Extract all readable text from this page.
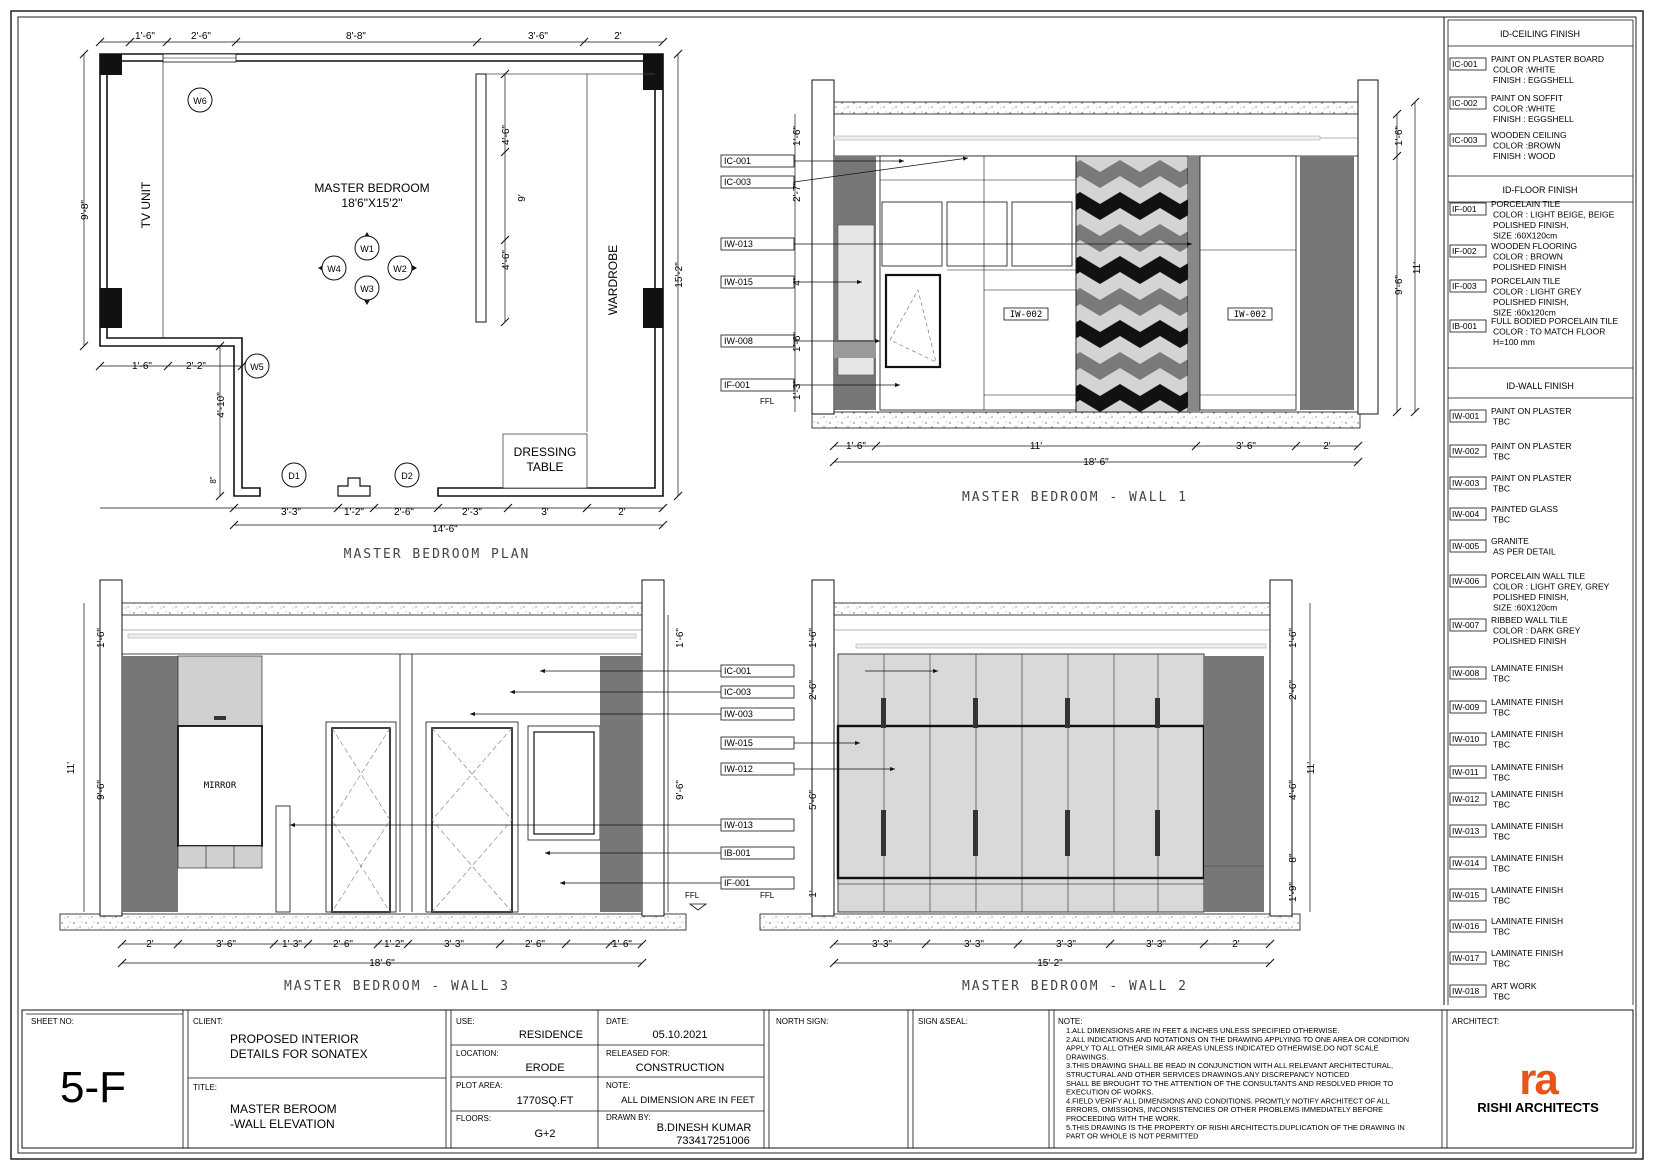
W6
W5
D1	D2
W1
W2
W3
W4
MASTER BEDROOM
18'6"X15'2"
TV UNIT
WARDROBE
DRESSING
TABLE
1'-6"	2'-6"	8'-8"	3'-6"	2'
3'-3"	1'-2"	2'-6"	2'-3"	3'	2'
14'-6"
1'-6"	2'-2"
9'-8"
4'-10"
15'-2"
4'-6"
9'
4'-6"
8"
MASTER BEDROOM PLAN
IW-002	IW-002
IC-001
IC-003
IW-013
IW-015
IW-008
IF-001
FFL
1'-6"	11'	3'-6"	2'
18'-6"
1'-6"
2'-7"
4'
1'-6"
1'-3"
1'-6"
9'-6"
11'
MASTER BEDROOM - WALL 1
MIRROR
FFL
2'	3'-6"	1'-3"	2'-6"	1'-2"	3'-3"	2'-6"	1'-6"
18'-6"
1'-6"
9'-6"
11'
1'-6"
9'-6"
MASTER BEDROOM - WALL 3
FFL
IC-001
IC-003
IW-003
IW-015
IW-012
IW-013
IB-001
IF-001
3'-3"	3'-3"	3'-3"	3'-3"	2'
15'-2"
1'-6"
2'-6"
5'-6"
1'
1'-6"
2'-6"
4'-6"
8"
1'-9"
11'
MASTER BEDROOM - WALL 2
ID-CEILING FINISH
ID-FLOOR FINISH
ID-WALL FINISH
IC-001 PAINT ON PLASTER BOARD
COLOR :WHITE
FINISH : EGGSHELL
IC-002 PAINT ON SOFFIT
COLOR :WHITE
FINISH : EGGSHELL
IC-003 WOODEN CEILING
COLOR :BROWN
FINISH : WOOD
IF-001 PORCELAIN TILE
COLOR : LIGHT BEIGE, BEIGE
POLISHED FINISH,
SIZE :60X120cm
IF-002 WOODEN FLOORING
COLOR : BROWN
POLISHED FINISH
IF-003 PORCELAIN TILE
COLOR : LIGHT GREY
POLISHED FINISH,
SIZE :60x120cm
IB-001 FULL BODIED PORCELAIN TILE
COLOR : TO MATCH FLOOR
H=100 mm
IW-001 PAINT ON PLASTER
TBC
IW-002 PAINT ON PLASTER
TBC
IW-003 PAINT ON PLASTER
TBC
IW-004 PAINTED GLASS
TBC
IW-005 GRANITE
AS PER DETAIL
IW-006 PORCELAIN WALL TILE
COLOR : LIGHT GREY, GREY
POLISHED FINISH,
SIZE :60X120cm
IW-007 RIBBED WALL TILE
COLOR : DARK GREY
POLISHED FINISH
IW-008 LAMINATE FINISH
TBC
IW-009 LAMINATE FINISH
TBC
IW-010 LAMINATE FINISH
TBC
IW-011 LAMINATE FINISH
TBC
IW-012 LAMINATE FINISH
TBC
IW-013 LAMINATE FINISH
TBC
IW-014 LAMINATE FINISH
TBC
IW-015 LAMINATE FINISH
TBC
IW-016 LAMINATE FINISH
TBC
IW-017 LAMINATE FINISH
TBC
IW-018 ART WORK
TBC
SHEET NO:
5-F
CLIENT:
PROPOSED INTERIOR
DETAILS FOR SONATEX
TITLE:
MASTER BEROOM
-WALL ELEVATION
USE:
RESIDENCE
LOCATION:
ERODE
PLOT AREA:
1770SQ.FT
FLOORS:
G+2
DATE:
05.10.2021
RELEASED FOR:
CONSTRUCTION
NOTE:
ALL DIMENSION ARE IN FEET
DRAWN BY:
B.DINESH KUMAR
733417251006
NORTH SIGN:	SIGN &SEAL:	NOTE:
1.ALL DIMENSIONS ARE IN FEET & INCHES UNLESS SPECIFIED OTHERWISE.
2.ALL INDICATIONS AND NOTATIONS ON THE DRAWING APPLYING TO ONE AREA OR CONDITION
APPLY TO ALL OTHER SIMILAR AREAS UNLESS INDICATED OTHERWISE.DO NOT SCALE
DRAWINGS.
3.THIS DRAWING SHALL BE READ IN CONJUNCTION WITH ALL RELEVANT ARCHITECTURAL,
STRUCTURAL AND OTHER SERVICES DRAWINGS.ANY DISCREPANCY NOTICED
SHALL BE BROUGHT TO THE ATTENTION OF THE CONSULTANTS AND RESOLVED PRIOR TO
EXECUTION OF WORKS.
4.FIELD VERIFY ALL DIMENSIONS AND CONDITIONS. PROMTLY NOTIFY ARCHITECT OF ALL
ERRORS, OMISSIONS, INCONSISTENCIES OR OTHER PROBLEMS IMMEDIATELY BEFORE
PROCEEDING WITH THE WORK.
5.THIS DRAWING IS THE PROPERTY OF RISHI ARCHITECTS.DUPLICATION OF THE DRAWING IN
PART OR WHOLE IS NOT PERMITTED
ARCHITECT:
ra
RISHI ARCHITECTS
